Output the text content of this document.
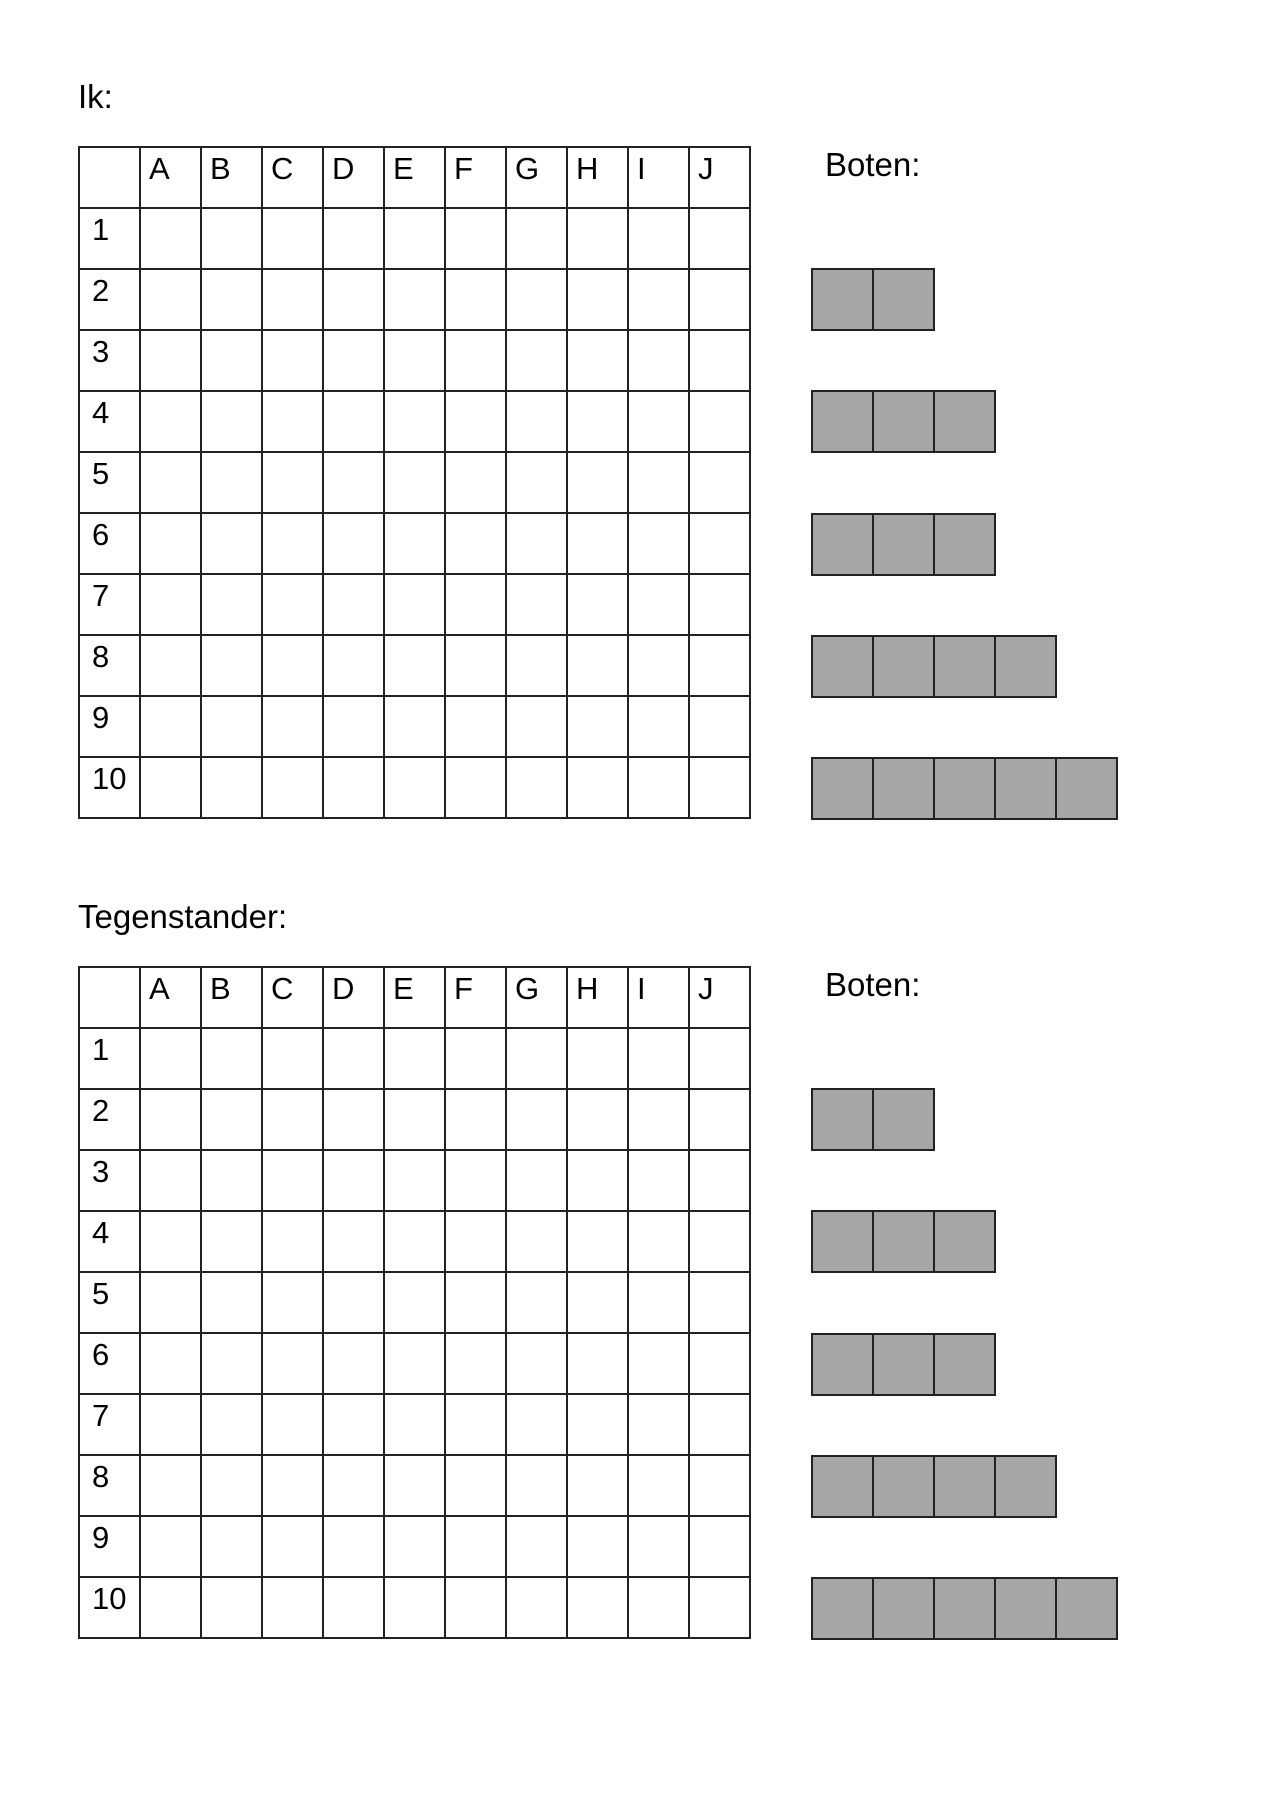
Ik:

	A	B	C	D	E	F	G	H	I	J

1										

2										

3										

4										

5										

6										

7										

8										

9										

10										

Boten:
Tegenstander:

	A	B	C	D	E	F	G	H	I	J

1										

2										

3										

4										

5										

6										

7										

8										

9										

10										

Boten:
